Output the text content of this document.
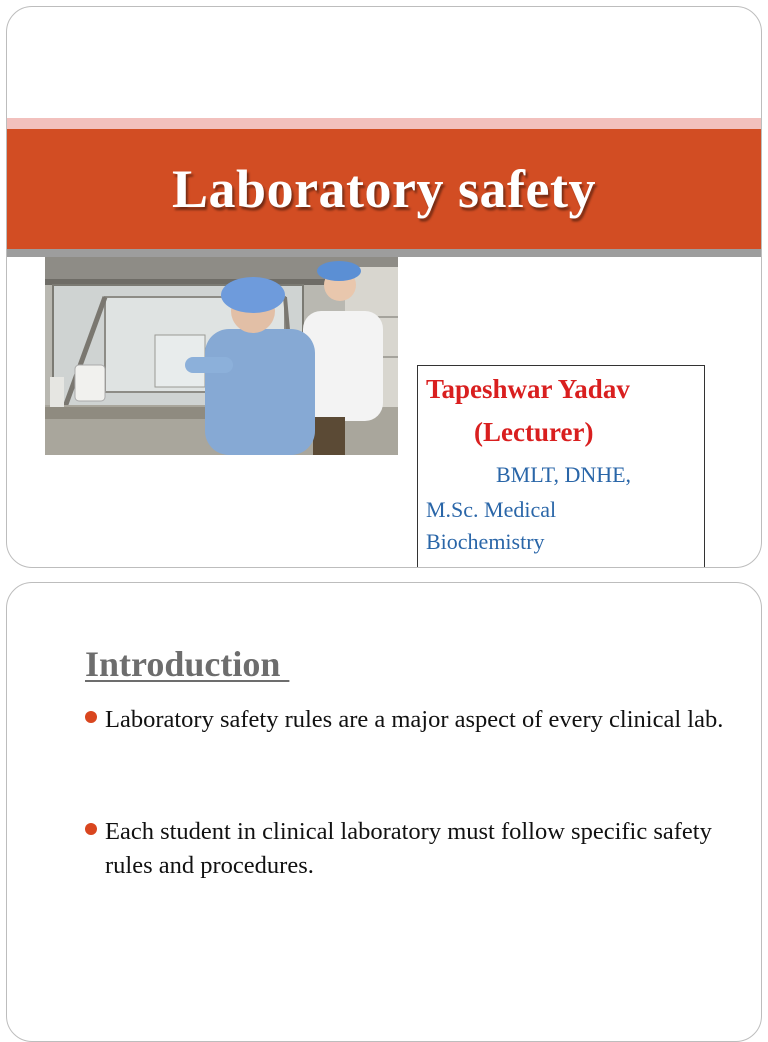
Laboratory safety
Tapeshwar Yadav
(Lecturer)
BMLT, DNHE,
M.Sc. Medical
Biochemistry
Introduction
Laboratory safety rules are a major aspect of every clinical lab.
Each student in clinical laboratory must follow specific safety rules and procedures.
